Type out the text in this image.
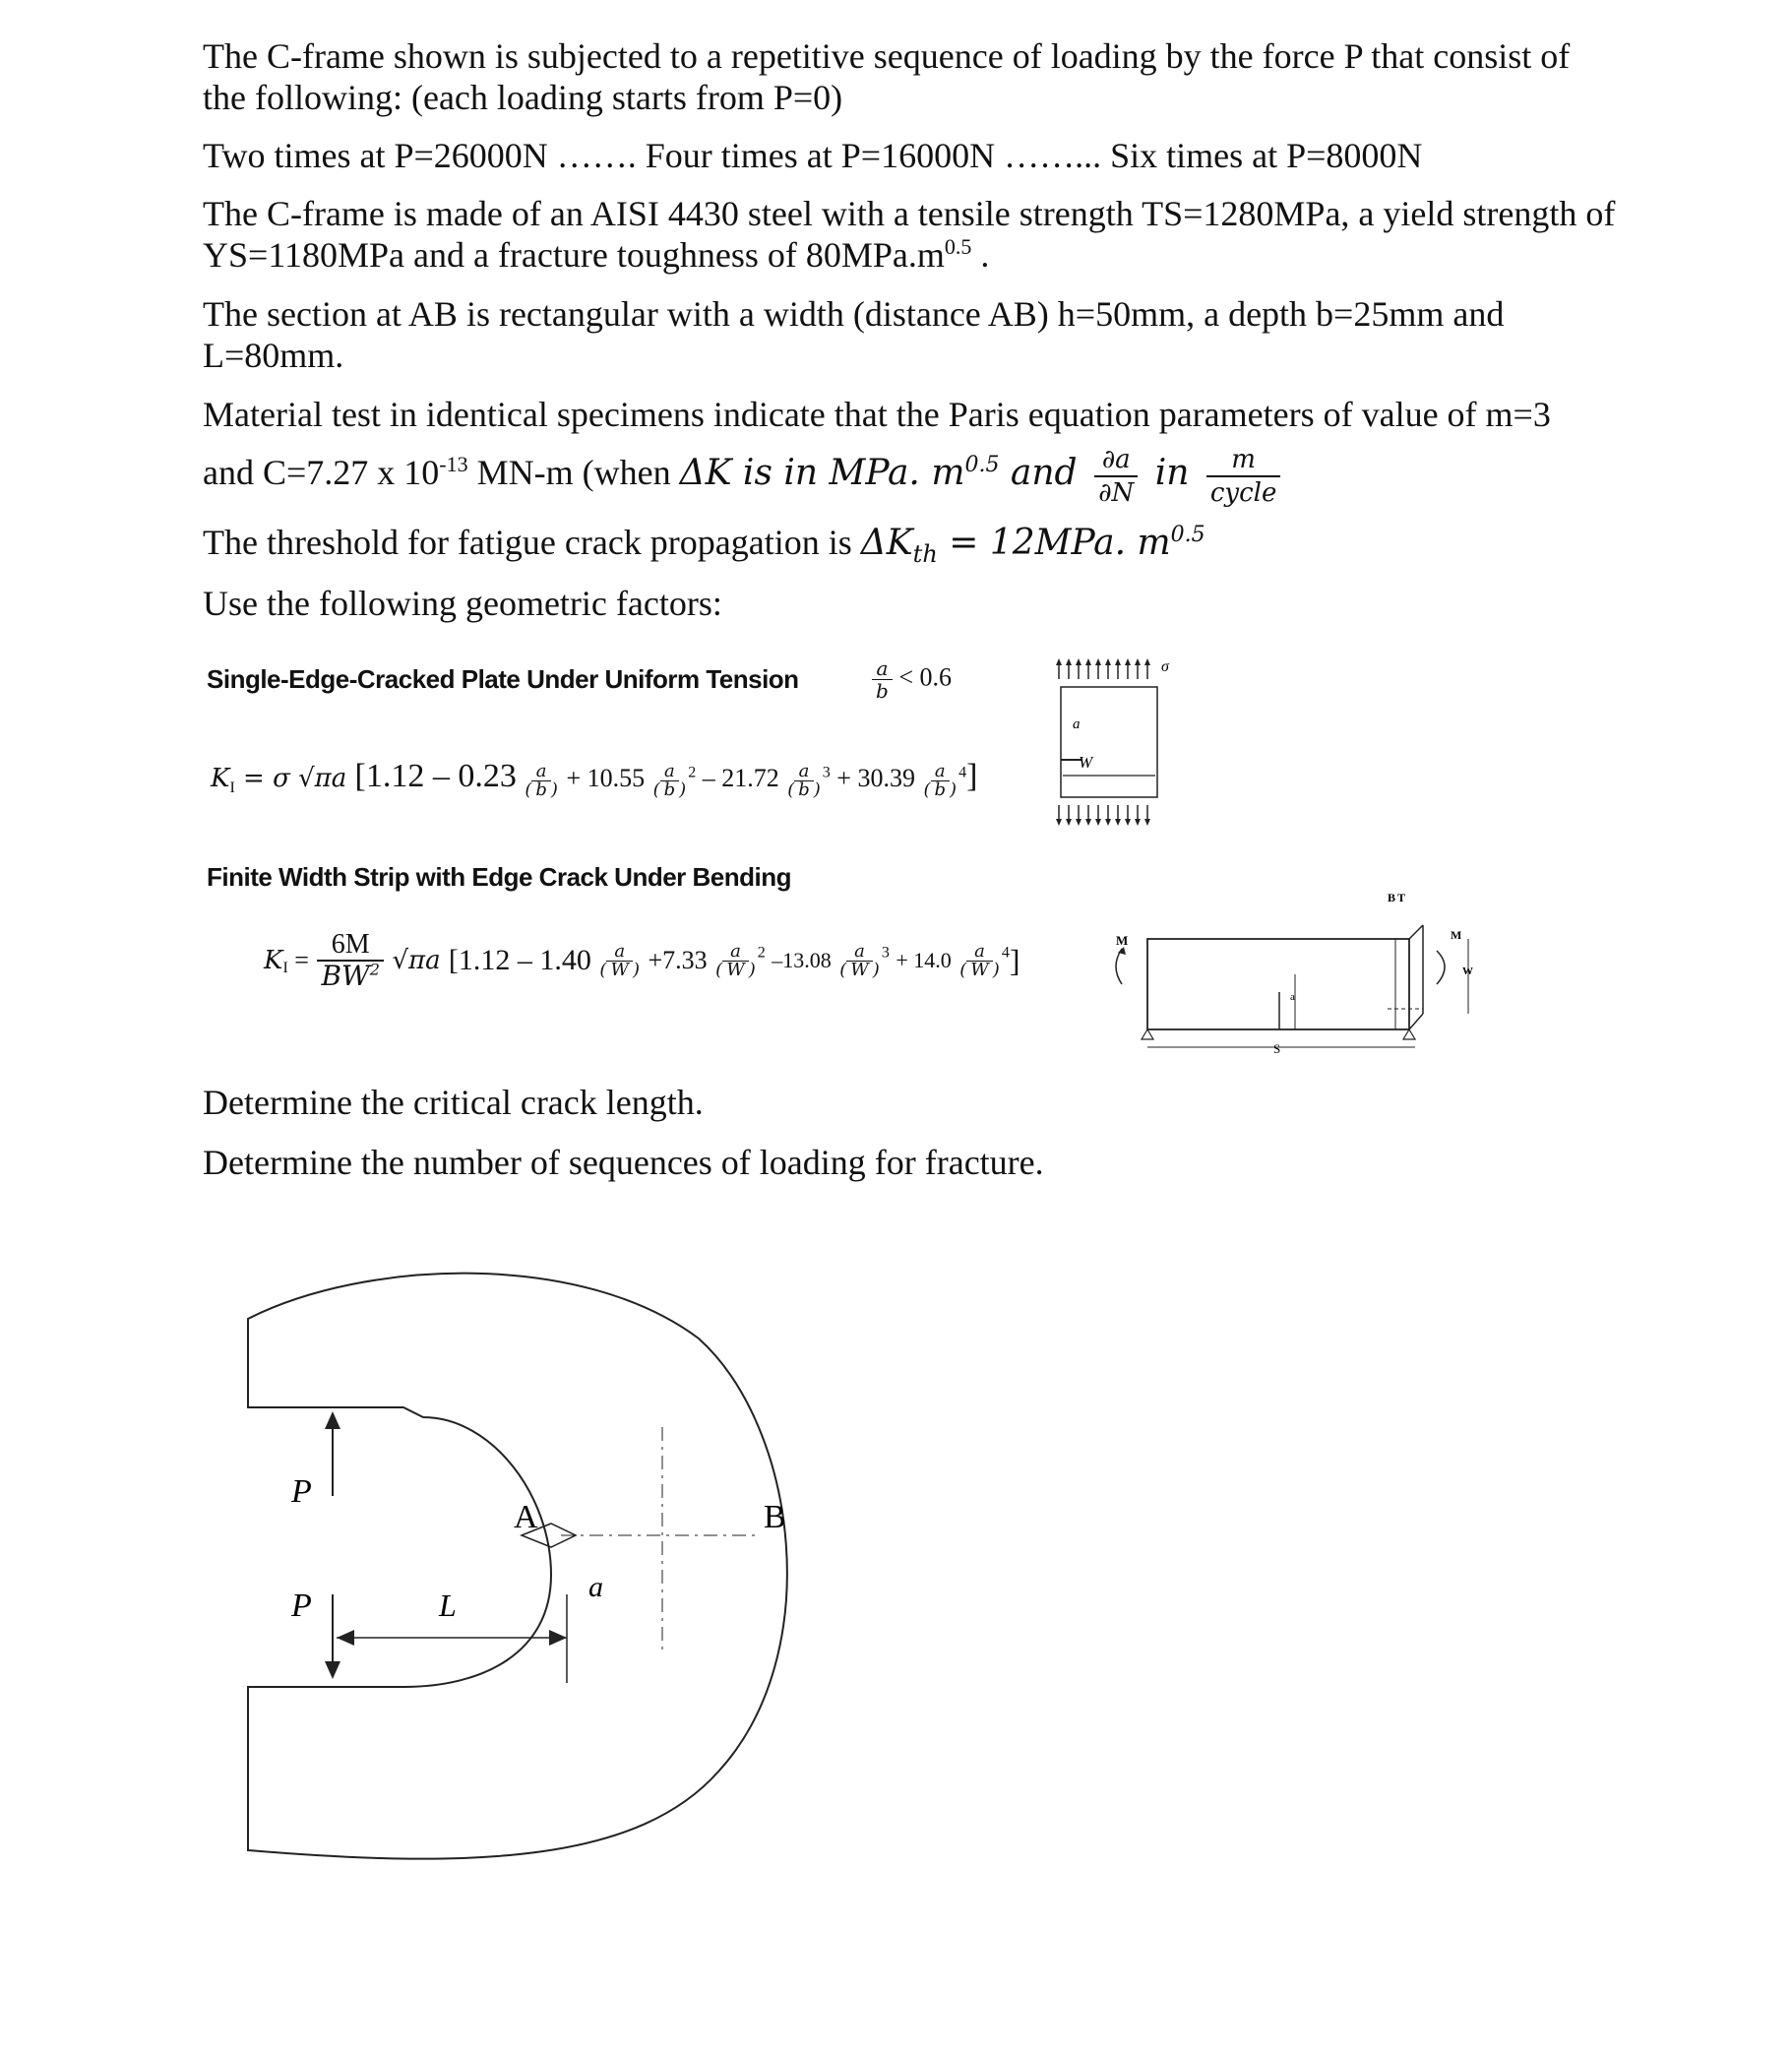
The C-frame shown is subjected to a repetitive sequence of loading by the force P that consist of the following: (each loading starts from P=0)

Two times at P=26000N ……. Four times at P=16000N ……... Six times at P=8000N

The C-frame is made of an AISI 4430 steel with a tensile strength TS=1280MPa, a yield strength of YS=1180MPa and a fracture toughness of $80MPa.m^{0.5}$ .

The section at AB is rectangular with a width (distance AB) h=50mm, a depth b=25mm and L=80mm.

Material test in identical specimens indicate that the Paris equation parameters of value of m=3

and C=7.27 x $10^{-13}$ MN-m (when ΔK is in MPa. $m^{0.5}$ and $\frac{\partial a}{\partial N}$ in $\frac{m}{\text{cycle}}$

The threshold for fatigue crack propagation is $\Delta K_{th} = 12MPa$. $m^{0.5}$

Use the following geometric factors:

Single-Edge-Cracked Plate Under Uniform Tension	$\frac{a}{b} < 0.6$
$K_I = \sigma$ √πa [1.12 – 0.23 ( $\frac{a}{b}$ ) + 10.55 ( $\frac{a}{b} )^2 - 21.72$ ( $\frac{a}{b} )^3 + 30.39$ ( $\frac{a}{b} )^4$]
σ
a
W
Finite Width Strip with Edge Crack Under Bending
$K_I = \frac{6M}{BW^2} √\pi a$ [1.12 – 1.40 ( $\frac{a}{W}$ ) +7.33 ( $\frac{a}{W} )^2$ –13.08 ( $\frac{a}{W} )^3 + 14.0$ ( $\frac{a}{W} )^4$]
M
a
S
B T
M
W

Determine the critical crack length.

Determine the number of sequences of loading for fracture.

P
P	L
A	B
a
